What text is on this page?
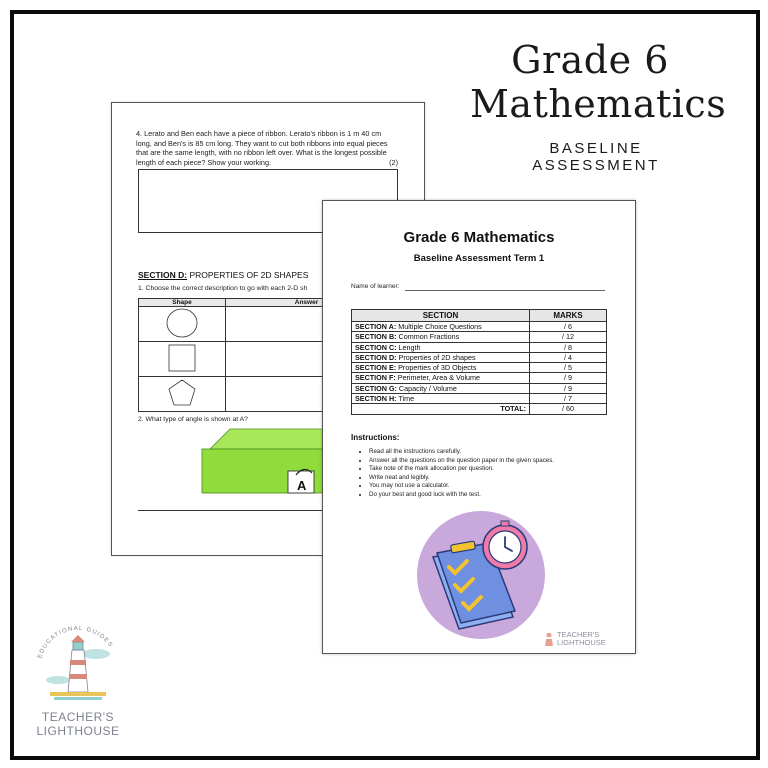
Grade 6
Mathematics
BASELINE ASSESSMENT
4. Lerato and Ben each have a piece of ribbon. Lerato's ribbon is 1 m 40 cm long, and Ben's is 85 cm long. They want to cut both ribbons into equal pieces that are the same length, with no ribbon left over. What is the longest possible length of each piece? Show your working.	(2)
SECTION D: PROPERTIES OF 2D SHAPES
1. Choose the correct description to go with each 2-D sh
Shape	Answer

2. What type of angle is shown at A?
A
Grade 6 Mathematics
Baseline Assessment Term 1
Name of learner:
SECTION	MARKS
SECTION A: Multiple Choice Questions	/ 6
SECTION B: Common Fractions	/ 12
SECTION C: Length	/ 8
SECTION D: Properties of 2D shapes	/ 4
SECTION E: Properties of 3D Objects	/ 5
SECTION F: Perimeter, Area & Volume	/ 9
SECTION G: Capacity / Volume	/ 9
SECTION H: Time	/ 7
TOTAL:	/ 60
Instructions:
• Read all the instructions carefully.
• Answer all the questions on the question paper in the given spaces.
• Take note of the mark allocation per question.
• Write neat and legibly.
• You may not use a calculator.
• Do your best and good luck with the test.
TEACHER'S
LIGHTHOUSE
EDUCATIONAL GUIDES
TEACHER'S
LIGHTHOUSE
